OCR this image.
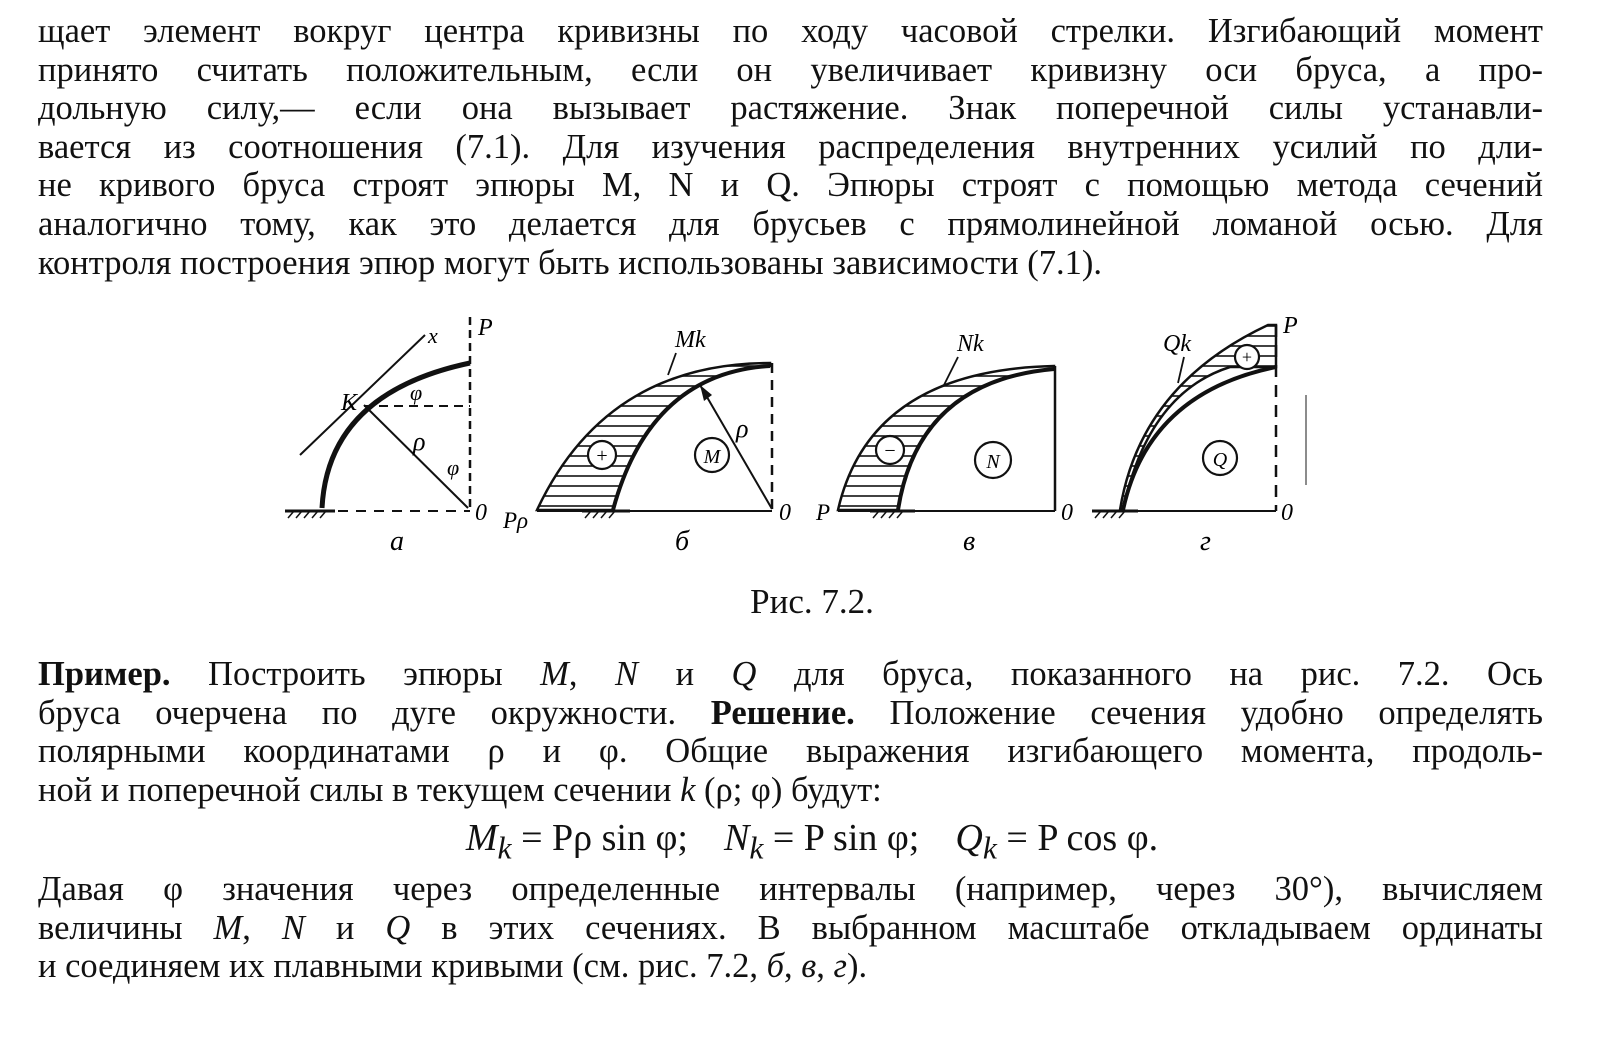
щает элемент вокруг центра кривизны по ходу часовой стрелки. Изгибающий момент
принято считать положительным, если он увеличивает кривизну оси бруса, а про-
дольную силу,— если она вызывает растяжение. Знак поперечной силы устанавли-
вается из соотношения (7.1). Для изучения распределения внутренних усилий по дли-
не кривого бруса строят эпюры M, N и Q. Эпюры строят с помощью метода сечений
аналогично тому, как это делается для брусьев с прямолинейной ломаной осью. Для
контроля построения эпюр могут быть использованы зависимости (7.1).
x P
K φ
ρ
φ
0
а
+	M
Mk
ρ
0
Pρ
б
−	N
Nk
0
P
в
+
Q
Qk
P
0
г
Рис. 7.2.
Пример. Построить эпюры M, N и Q для бруса, показанного на рис. 7.2. Ось
бруса очерчена по дуге окружности. Решение. Положение сечения удобно определять
полярными координатами ρ и φ. Общие выражения изгибающего момента, продоль-
ной и поперечной силы в текущем сечении k (ρ; φ) будут:
$M_k = P\rho$ sin φ; $N_k = P$ sin φ; $Q_k = P$ cos φ.
Давая φ значения через определенные интервалы (например, через 30°), вычисляем
величины M, N и Q в этих сечениях. В выбранном масштабе откладываем ординаты
и соединяем их плавными кривыми (см. рис. 7.2, б, в, г).
